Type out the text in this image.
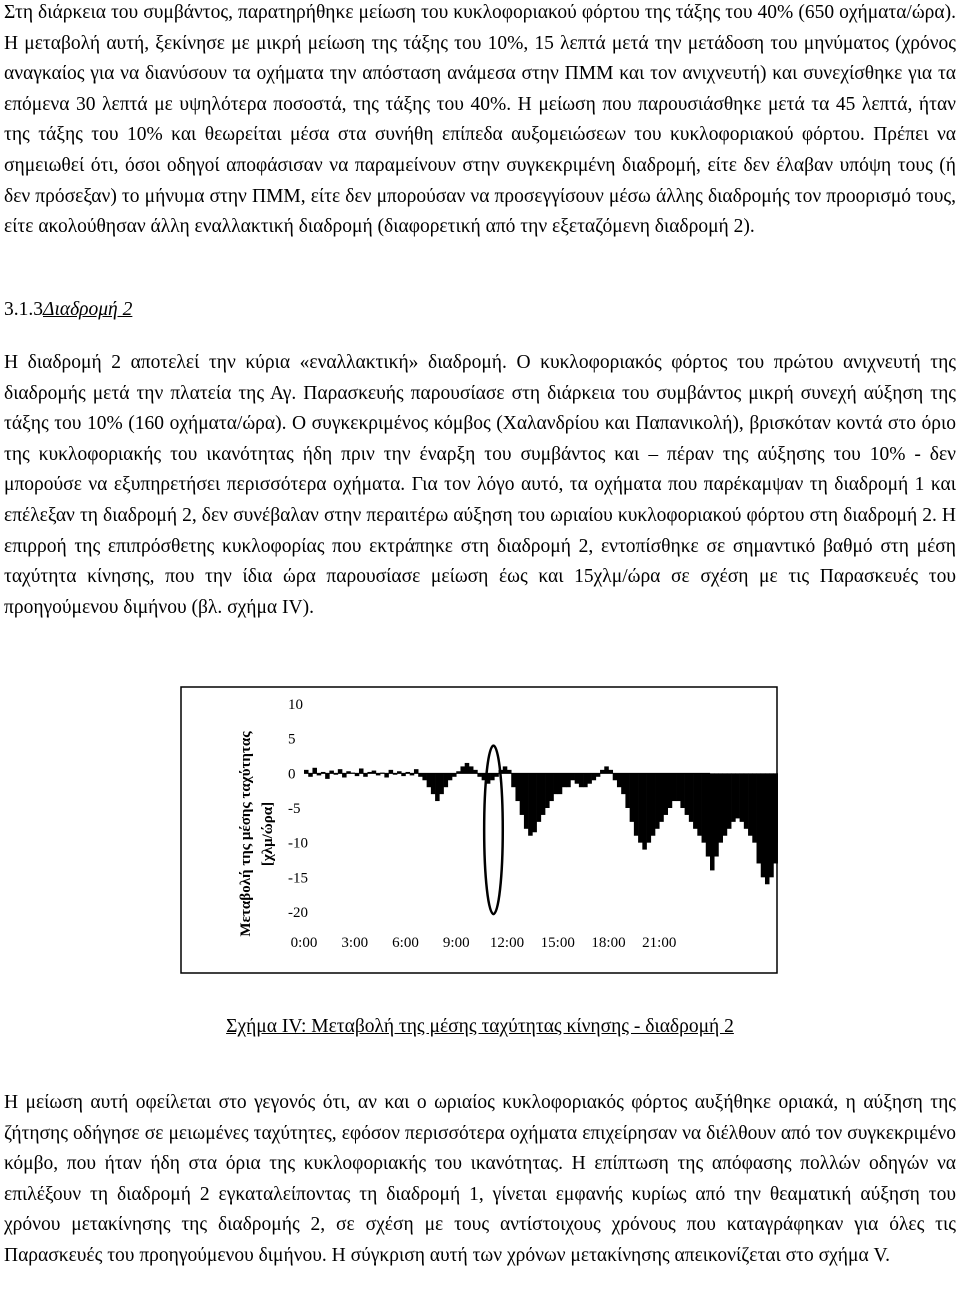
Στη διάρκεια του συμβάντος, παρατηρήθηκε μείωση του κυκλοφοριακού φόρτου της τάξης του 40% (650 οχήματα/ώρα). Η μεταβολή αυτή, ξεκίνησε με μικρή μείωση της τάξης του 10%, 15 λεπτά μετά την μετάδοση του μηνύματος (χρόνος αναγκαίος για να διανύσουν τα οχήματα την απόσταση ανάμεσα στην ΠΜΜ και τον ανιχνευτή) και συνεχίσθηκε για τα επόμενα 30 λεπτά με υψηλότερα ποσοστά, της τάξης του 40%. Η μείωση που παρουσιάσθηκε μετά τα 45 λεπτά, ήταν της τάξης του 10% και θεωρείται μέσα στα συνήθη επίπεδα αυξομειώσεων του κυκλοφοριακού φόρτου. Πρέπει να σημειωθεί ότι, όσοι οδηγοί αποφάσισαν να παραμείνουν στην συγκεκριμένη διαδρομή, είτε δεν έλαβαν υπόψη τους (ή δεν πρόσεξαν) το μήνυμα στην ΠΜΜ, είτε δεν μπορούσαν να προσεγγίσουν μέσω άλλης διαδρομής τον προορισμό τους, είτε ακολούθησαν άλλη εναλλακτική διαδρομή (διαφορετική από την εξεταζόμενη διαδρομή 2).

3.1.3Διαδρομή 2

Η διαδρομή 2 αποτελεί την κύρια «εναλλακτική» διαδρομή. Ο κυκλοφοριακός φόρτος του πρώτου ανιχνευτή της διαδρομής μετά την πλατεία της Αγ. Παρασκευής παρουσίασε στη διάρκεια του συμβάντος μικρή συνεχή αύξηση της τάξης του 10% (160 οχήματα/ώρα). Ο συγκεκριμένος κόμβος (Χαλανδρίου και Παπανικολή), βρισκόταν κοντά στο όριο της κυκλοφοριακής του ικανότητας ήδη πριν την έναρξη του συμβάντος και – πέραν της αύξησης του 10% - δεν μπορούσε να εξυπηρετήσει περισσότερα οχήματα. Για τον λόγο αυτό, τα οχήματα που παρέκαμψαν τη διαδρομή 1 και επέλεξαν τη διαδρομή 2, δεν συνέβαλαν στην περαιτέρω αύξηση του ωριαίου κυκλοφοριακού φόρτου στη διαδρομή 2. Η επιρροή της επιπρόσθετης κυκλοφορίας που εκτράπηκε στη διαδρομή 2, εντοπίσθηκε σε σημαντικό βαθμό στη μέση ταχύτητα κίνησης, που την ίδια ώρα παρουσίασε μείωση έως και 15χλμ/ώρα σε σχέση με τις Παρασκευές του προηγούμενου διμήνου (βλ. σχήμα IV).

Μεταβολή της μέσης ταχύτητας [χλμ/ώρα]
10
5
0
-5
-10
-15
-20
0:00 3:00 6:00 9:00 12:00 15:00 18:00 21:00
Σχήμα IV: Μεταβολή της μέσης ταχύτητας κίνησης - διαδρομή 2

Η μείωση αυτή οφείλεται στο γεγονός ότι, αν και ο ωριαίος κυκλοφοριακός φόρτος αυξήθηκε οριακά, η αύξηση της ζήτησης οδήγησε σε μειωμένες ταχύτητες, εφόσον περισσότερα οχήματα επιχείρησαν να διέλθουν από τον συγκεκριμένο κόμβο, που ήταν ήδη στα όρια της κυκλοφοριακής του ικανότητας. Η επίπτωση της απόφασης πολλών οδηγών να επιλέξουν τη διαδρομή 2 εγκαταλείποντας τη διαδρομή 1, γίνεται εμφανής κυρίως από την θεαματική αύξηση του χρόνου μετακίνησης της διαδρομής 2, σε σχέση με τους αντίστοιχους χρόνους που καταγράφηκαν για όλες τις Παρασκευές του προηγούμενου διμήνου. Η σύγκριση αυτή των χρόνων μετακίνησης απεικονίζεται στο σχήμα V.
